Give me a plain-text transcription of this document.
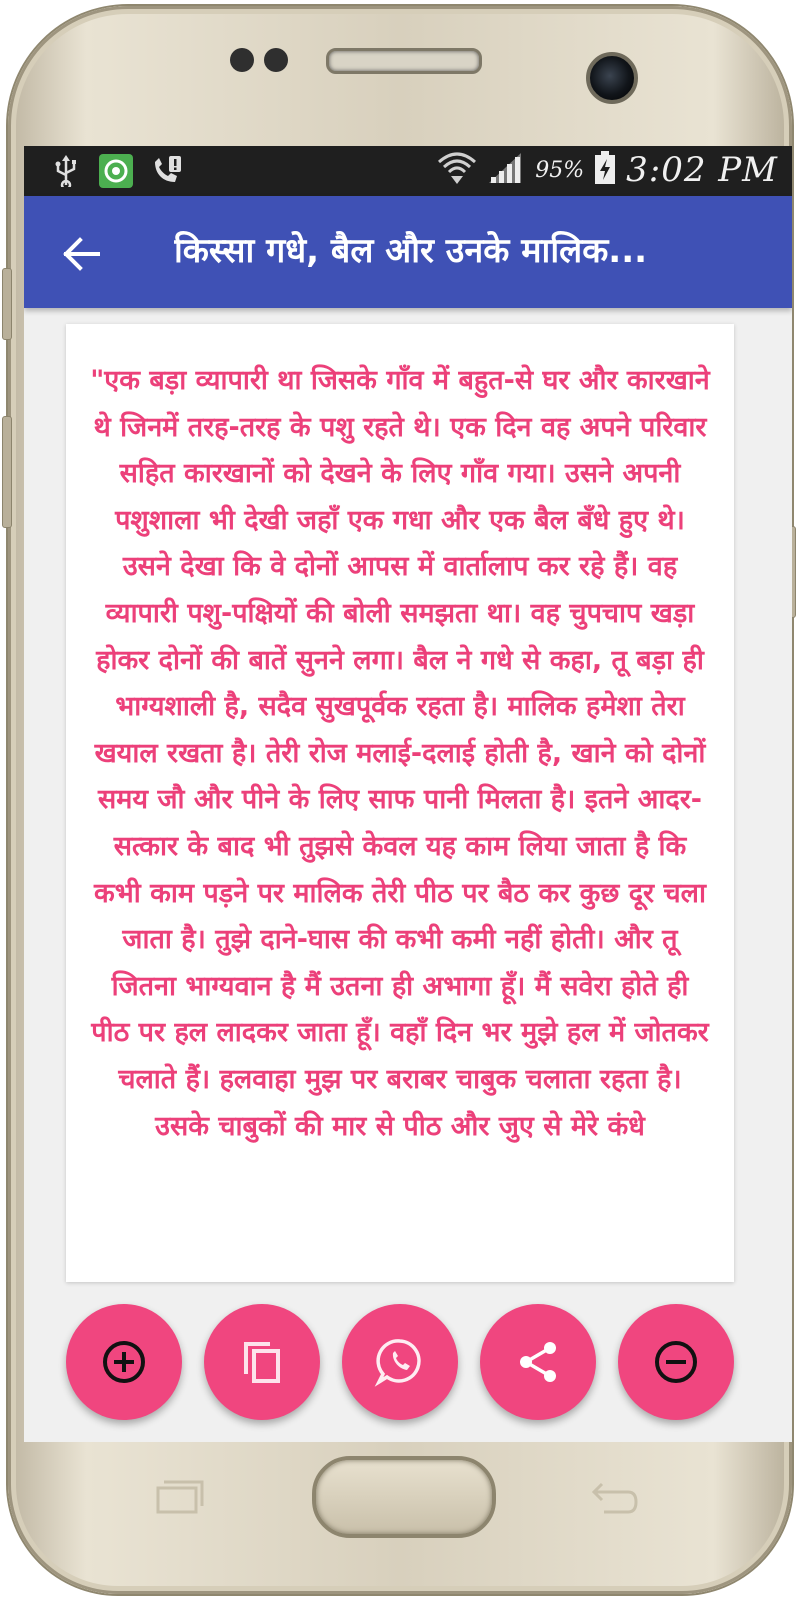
95% 3:02 PM
किस्सा गधे, बैल और उनके मालिक...

"एक बड़ा व्यापारी था जिसके गाँव में बहुत-से घर और कारखाने थे जिनमें तरह-तरह के पशु रहते थे। एक दिन वह अपने परिवार सहित कारखानों को देखने के लिए गाँव गया। उसने अपनी पशुशाला भी देखी जहाँ एक गधा और एक बैल बँधे हुए थे। उसने देखा कि वे दोनों आपस में वार्तालाप कर रहे हैं। वह व्यापारी पशु-पक्षियों की बोली समझता था। वह चुपचाप खड़ा होकर दोनों की बातें सुनने लगा। बैल ने गधे से कहा, तू बड़ा ही भाग्यशाली है, सदैव सुखपूर्वक रहता है। मालिक हमेशा तेरा खयाल रखता है। तेरी रोज मलाई-दलाई होती है, खाने को दोनों समय जौ और पीने के लिए साफ पानी मिलता है। इतने आदर-सत्कार के बाद भी तुझसे केवल यह काम लिया जाता है कि कभी काम पड़ने पर मालिक तेरी पीठ पर बैठ कर कुछ दूर चला जाता है। तुझे दाने-घास की कभी कमी नहीं होती। और तू जितना भाग्यवान है मैं उतना ही अभागा हूँ। मैं सवेरा होते ही पीठ पर हल लादकर जाता हूँ। वहाँ दिन भर मुझे हल में जोतकर चलाते हैं। हलवाहा मुझ पर बराबर चाबुक चलाता रहता है। उसके चाबुकों की मार से पीठ और जुए से मेरे कंधे
